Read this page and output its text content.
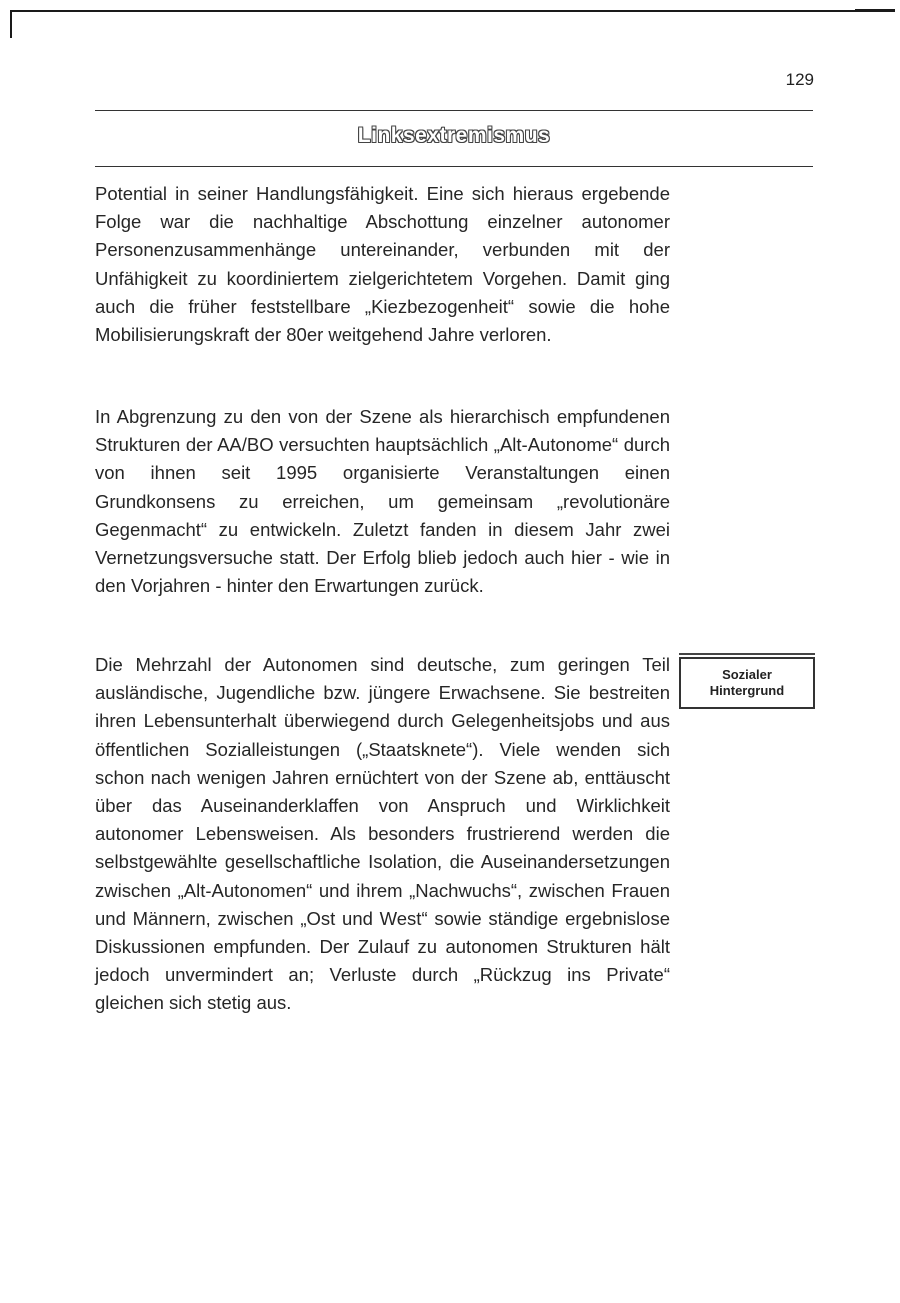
129
Linksextremismus

Potential in seiner Handlungsfähigkeit. Eine sich hieraus ergebende Folge war die nachhaltige Abschottung einzelner autonomer Personenzusammenhänge untereinander, verbunden mit der Unfähigkeit zu koordiniertem zielgerichtetem Vorgehen. Damit ging auch die früher feststellbare „Kiezbezogenheit“ sowie die hohe Mobilisierungskraft der 80er weitgehend Jahre verloren.

In Abgrenzung zu den von der Szene als hierarchisch empfundenen Strukturen der AA/BO versuchten hauptsächlich „Alt-Autonome“ durch von ihnen seit 1995 organisierte Veranstaltungen einen Grundkonsens zu erreichen, um gemeinsam „revolutionäre Gegenmacht“ zu entwickeln. Zuletzt fanden in diesem Jahr zwei Vernetzungsversuche statt. Der Erfolg blieb jedoch auch hier - wie in den Vorjahren - hinter den Erwartungen zurück.

Die Mehrzahl der Autonomen sind deutsche, zum geringen Teil ausländische, Jugendliche bzw. jüngere Erwachsene. Sie bestreiten ihren Lebensunterhalt überwiegend durch Gelegenheitsjobs und aus öffentlichen Sozialleistungen („Staatsknete“). Viele wenden sich schon nach wenigen Jahren ernüchtert von der Szene ab, enttäuscht über das Auseinanderklaffen von Anspruch und Wirklichkeit autonomer Lebensweisen. Als besonders frustrierend werden die selbstgewählte gesellschaftliche Isolation, die Auseinandersetzungen zwischen „Alt-Autonomen“ und ihrem „Nachwuchs“, zwischen Frauen und Männern, zwischen „Ost und West“ sowie ständige ergebnislose Diskussionen empfunden. Der Zulauf zu autonomen Strukturen hält jedoch unvermindert an; Verluste durch „Rückzug ins Private“ gleichen sich stetig aus.

Sozialer
Hintergrund
